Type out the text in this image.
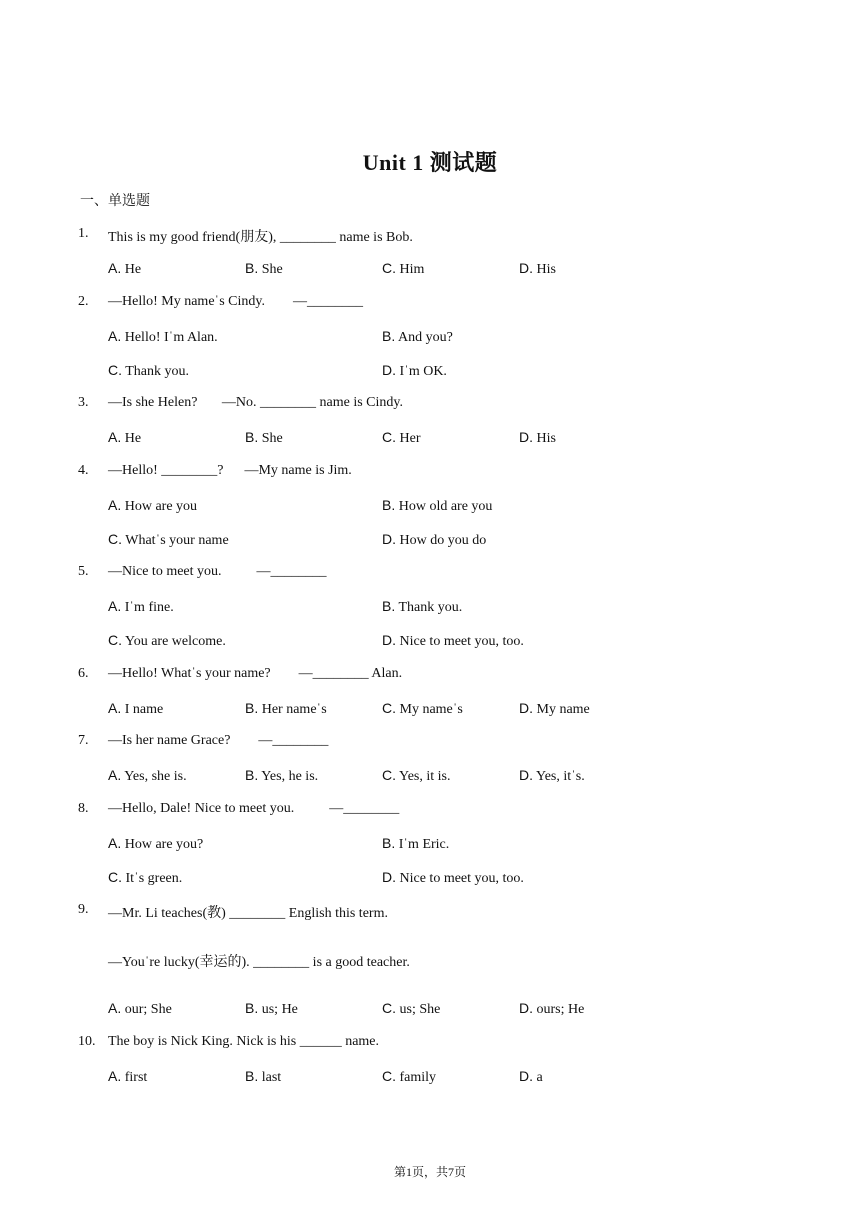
Unit 1 测试题
一、单选题
1.	This is my good friend(朋友), ________ name is Bob.
A. He	B. She	C. Him	D. His
2.	—Hello! My nameˈs Cindy.        —________
A. Hello! Iˈm Alan.	B. And you?
C. Thank you.	D. Iˈm OK.
3.	—Is she Helen?       —No. ________ name is Cindy.
A. He	B. She	C. Her	D. His
4.	—Hello! ________?      —My name is Jim.
A. How are you	B. How old are you
C. Whatˈs your name	D. How do you do
5.	—Nice to meet you.          —________
A. Iˈm fine.	B. Thank you.
C. You are welcome.	D. Nice to meet you, too.
6.	—Hello! Whatˈs your name?        —________ Alan.
A. I name	B. Her nameˈs	C. My nameˈs	D. My name
7.	—Is her name Grace?        —________
A. Yes, she is.	B. Yes, he is.	C. Yes, it is.	D. Yes, itˈs.
8.	—Hello, Dale! Nice to meet you.          —________
A. How are you?	B. Iˈm Eric.
C. Itˈs green.	D. Nice to meet you, too.
9.	—Mr. Li teaches(教) ________ English this term.
—Youˈre lucky(幸运的). ________ is a good teacher.
A. our; She	B. us; He	C. us; She	D. ours; He
10. The boy is Nick King. Nick is his ______ name.
A. first	B. last	C. family	D. a
第1页，共7页
